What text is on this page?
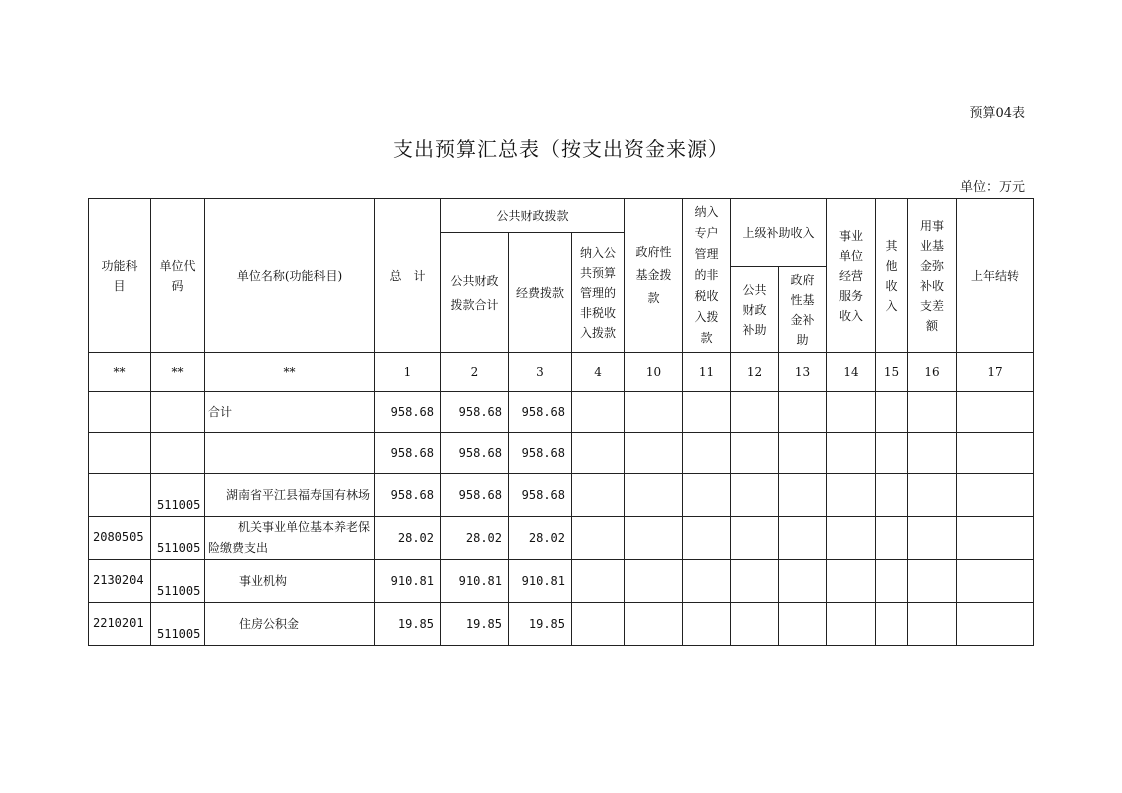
预算04表
支出预算汇总表（按支出资金来源）
单位：万元
功能科目	单位代码	单位名称(功能科目)	总　计	公共财政拨款			政府性基金拨款	纳入专户管理的非税收入拨款	上级补助收入		事业单位经营服务收入	其他收入	用事业基金弥补收支差额	上年结转

				公共财政拨款合计	经费拨款	纳入公共预算管理的非税收入拨款								

									公共财政补助	政府性基金补助				

**	**	**	1	2	3	4	10	11	12	13	14	15	16	17
		合计	958.68	958.68	958.68									
			958.68	958.68	958.68									

	511005	湖南省平江县福寿国有林场	958.68	958.68	958.68									

2080505	511005	机关事业单位基本养老保险缴费支出	28.02	28.02	28.02									

2130204	511005	事业机构	910.81	910.81	910.81									

2210201	511005	住房公积金	19.85	19.85	19.85									
